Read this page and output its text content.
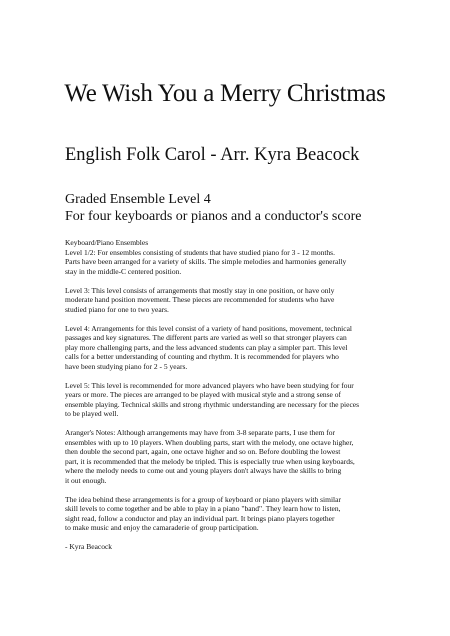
We Wish You a Merry Christmas
English Folk Carol - Arr. Kyra Beacock
Graded Ensemble Level 4
For four keyboards or pianos and a conductor's score
Keyboard/Piano Ensembles
Level 1/2: For ensembles consisting of students that have studied piano for 3 - 12 months.
Parts have been arranged for a variety of skills. The simple melodies and harmonies generally
stay in the middle-C centered position.
Level 3: This level consists of arrangements that mostly stay in one position, or have only
moderate hand position movement. These pieces are recommended for students who have
studied piano for one to two years.
Level 4: Arrangements for this level consist of a variety of hand positions, movement, technical
passages and key signatures. The different parts are varied as well so that stronger players can
play more challenging parts, and the less advanced students can play a simpler part. This level
calls for a better understanding of counting and rhythm. It is recommended for players who
have been studying piano for 2 - 5 years.
Level 5: This level is recommended for more advanced players who have been studying for four
years or more. The pieces are arranged to be played with musical style and a strong sense of
ensemble playing. Technical skills and strong rhythmic understanding are necessary for the pieces
to be played well.
Aranger's Notes: Although arrangements may have from 3-8 separate parts, I use them for
ensembles with up to 10 players. When doubling parts, start with the melody, one octave higher,
then double the second part, again, one octave higher and so on. Before doubling the lowest
part, it is recommended that the melody be tripled. This is especially true when using keyboards,
where the melody needs to come out and young players don't always have the skills to bring
it out enough.
The idea behind these arrangements is for a group of keyboard or piano players with similar
skill levels to come together and be able to play in a piano "band". They learn how to listen,
sight read, follow a conductor and play an individual part. It brings piano players together
to make music and enjoy the camaraderie of group participation.
- Kyra Beacock
